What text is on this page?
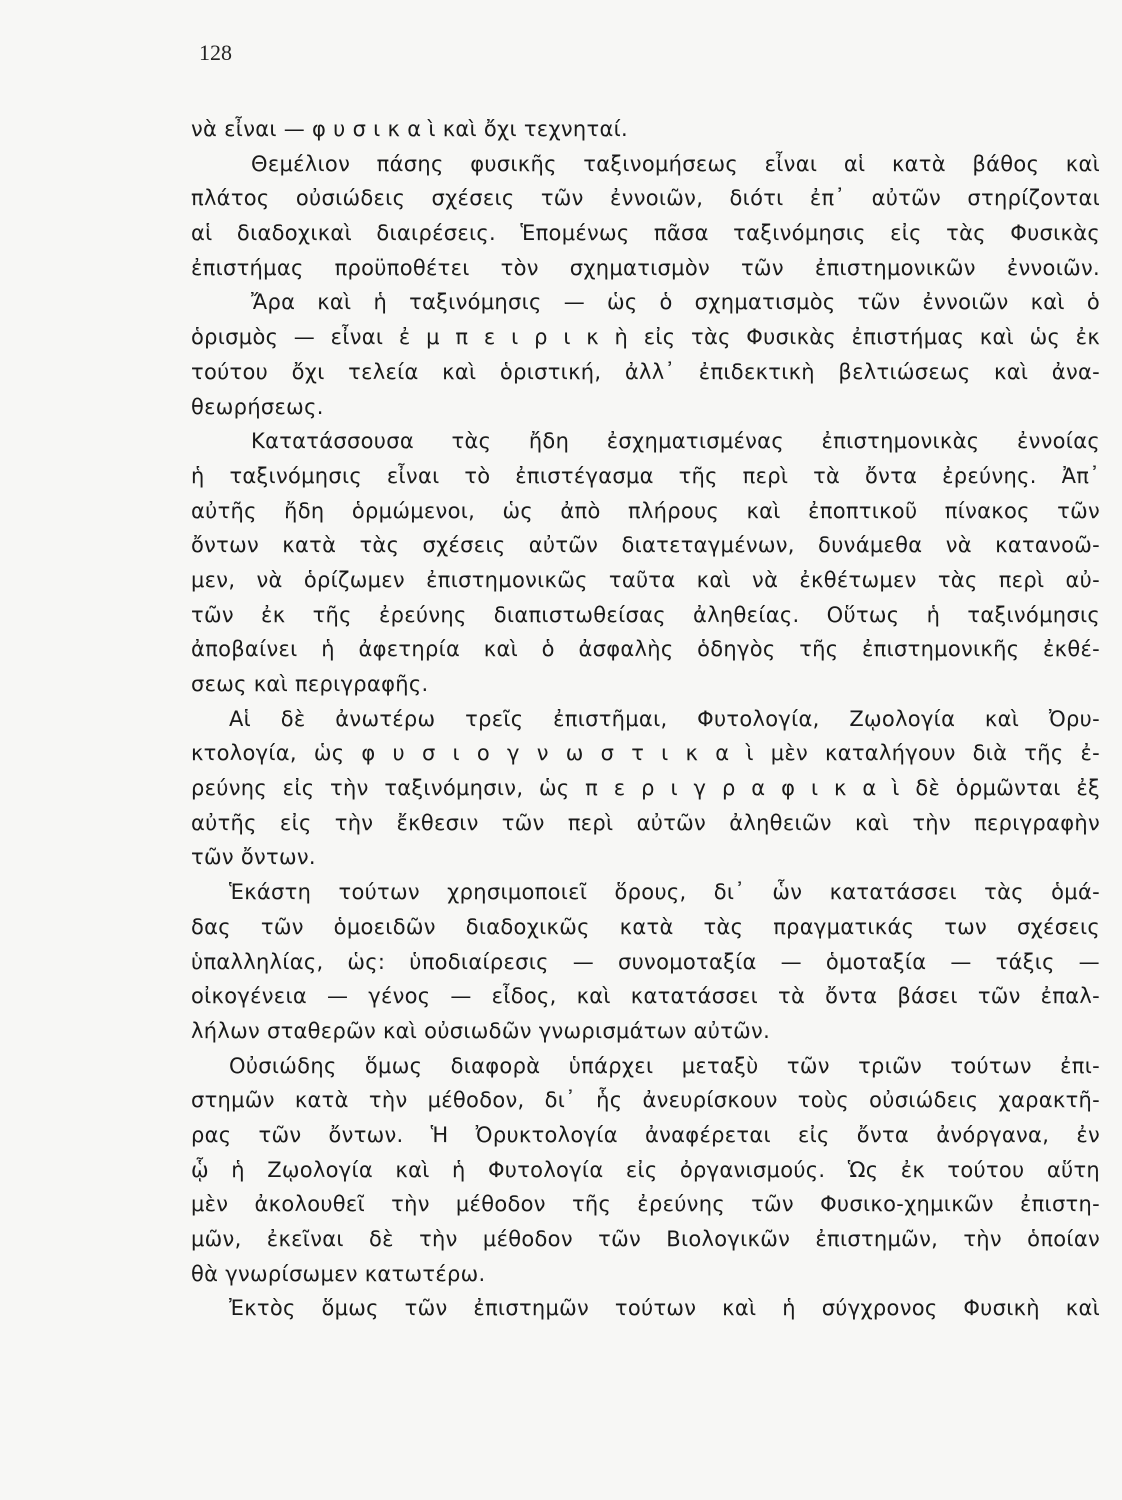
128
νὰ εἶναι — φ υ σ ι κ α ὶ καὶ ὄχι τεχνηταί.
Θεμέλιον πάσης φυσικῆς ταξινομήσεως εἶναι αἱ κατὰ βάθος καὶ
πλάτος οὐσιώδεις σχέσεις τῶν ἐννοιῶν, διότι ἐπ᾽ αὐτῶν στηρίζονται
αἱ διαδοχικαὶ διαιρέσεις. Ἑπομένως πᾶσα ταξινόμησις εἰς τὰς Φυσικὰς
ἐπιστήμας προϋποθέτει τὸν σχηματισμὸν τῶν ἐπιστημονικῶν ἐννοιῶν.
Ἄρα καὶ ἡ ταξινόμησις — ὡς ὁ σχηματισμὸς τῶν ἐννοιῶν καὶ ὁ
ὁρισμὸς — εἶναι ἐ μ π ε ι ρ ι κ ὴ εἰς τὰς Φυσικὰς ἐπιστήμας καὶ ὡς ἐκ
τούτου ὄχι τελεία καὶ ὁριστική, ἀλλ᾽ ἐπιδεκτικὴ βελτιώσεως καὶ ἀνα-
θεωρήσεως.
Κατατάσσουσα τὰς ἤδη ἐσχηματισμένας ἐπιστημονικὰς ἐννοίας
ἡ ταξινόμησις εἶναι τὸ ἐπιστέγασμα τῆς περὶ τὰ ὄντα ἐρεύνης. Ἀπ᾽
αὐτῆς ἤδη ὁρμώμενοι, ὡς ἀπὸ πλήρους καὶ ἐποπτικοῦ πίνακος τῶν
ὄντων κατὰ τὰς σχέσεις αὐτῶν διατεταγμένων, δυνάμεθα νὰ κατανοῶ-
μεν, νὰ ὁρίζωμεν ἐπιστημονικῶς ταῦτα καὶ νὰ ἐκθέτωμεν τὰς περὶ αὐ-
τῶν ἐκ τῆς ἐρεύνης διαπιστωθείσας ἀληθείας. Οὕτως ἡ ταξινόμησις
ἀποβαίνει ἡ ἀφετηρία καὶ ὁ ἀσφαλὴς ὁδηγὸς τῆς ἐπιστημονικῆς ἐκθέ-
σεως καὶ περιγραφῆς.
Αἱ δὲ ἀνωτέρω τρεῖς ἐπιστῆμαι, Φυτολογία, Ζῳολογία καὶ Ὀρυ-
κτολογία, ὡς φ υ σ ι ο γ ν ω σ τ ι κ α ὶ μὲν καταλήγουν διὰ τῆς ἐ-
ρεύνης εἰς τὴν ταξινόμησιν, ὡς π ε ρ ι γ ρ α φ ι κ α ὶ δὲ ὁρμῶνται ἐξ
αὐτῆς εἰς τὴν ἔκθεσιν τῶν περὶ αὐτῶν ἀληθειῶν καὶ τὴν περιγραφὴν
τῶν ὄντων.
Ἑκάστη τούτων χρησιμοποιεῖ ὅρους, δι᾽ ὧν κατατάσσει τὰς ὁμά-
δας τῶν ὁμοειδῶν διαδοχικῶς κατὰ τὰς πραγματικάς των σχέσεις
ὑπαλληλίας, ὡς: ὑποδιαίρεσις — συνομοταξία — ὁμοταξία — τάξις —
οἰκογένεια — γένος — εἶδος, καὶ κατατάσσει τὰ ὄντα βάσει τῶν ἐπαλ-
λήλων σταθερῶν καὶ οὐσιωδῶν γνωρισμάτων αὐτῶν.
Οὐσιώδης ὅμως διαφορὰ ὑπάρχει μεταξὺ τῶν τριῶν τούτων ἐπι-
στημῶν κατὰ τὴν μέθοδον, δι᾽ ἧς ἀνευρίσκουν τοὺς οὐσιώδεις χαρακτῆ-
ρας τῶν ὄντων. Ἡ Ὀρυκτολογία ἀναφέρεται εἰς ὄντα ἀνόργανα, ἐν
ᾧ ἡ Ζῳολογία καὶ ἡ Φυτολογία εἰς ὀργανισμούς. Ὡς ἐκ τούτου αὕτη
μὲν ἀκολουθεῖ τὴν μέθοδον τῆς ἐρεύνης τῶν Φυσικο-χημικῶν ἐπιστη-
μῶν, ἐκεῖναι δὲ τὴν μέθοδον τῶν Βιολογικῶν ἐπιστημῶν, τὴν ὁποίαν
θὰ γνωρίσωμεν κατωτέρω.
Ἐκτὸς ὅμως τῶν ἐπιστημῶν τούτων καὶ ἡ σύγχρονος Φυσικὴ καὶ
